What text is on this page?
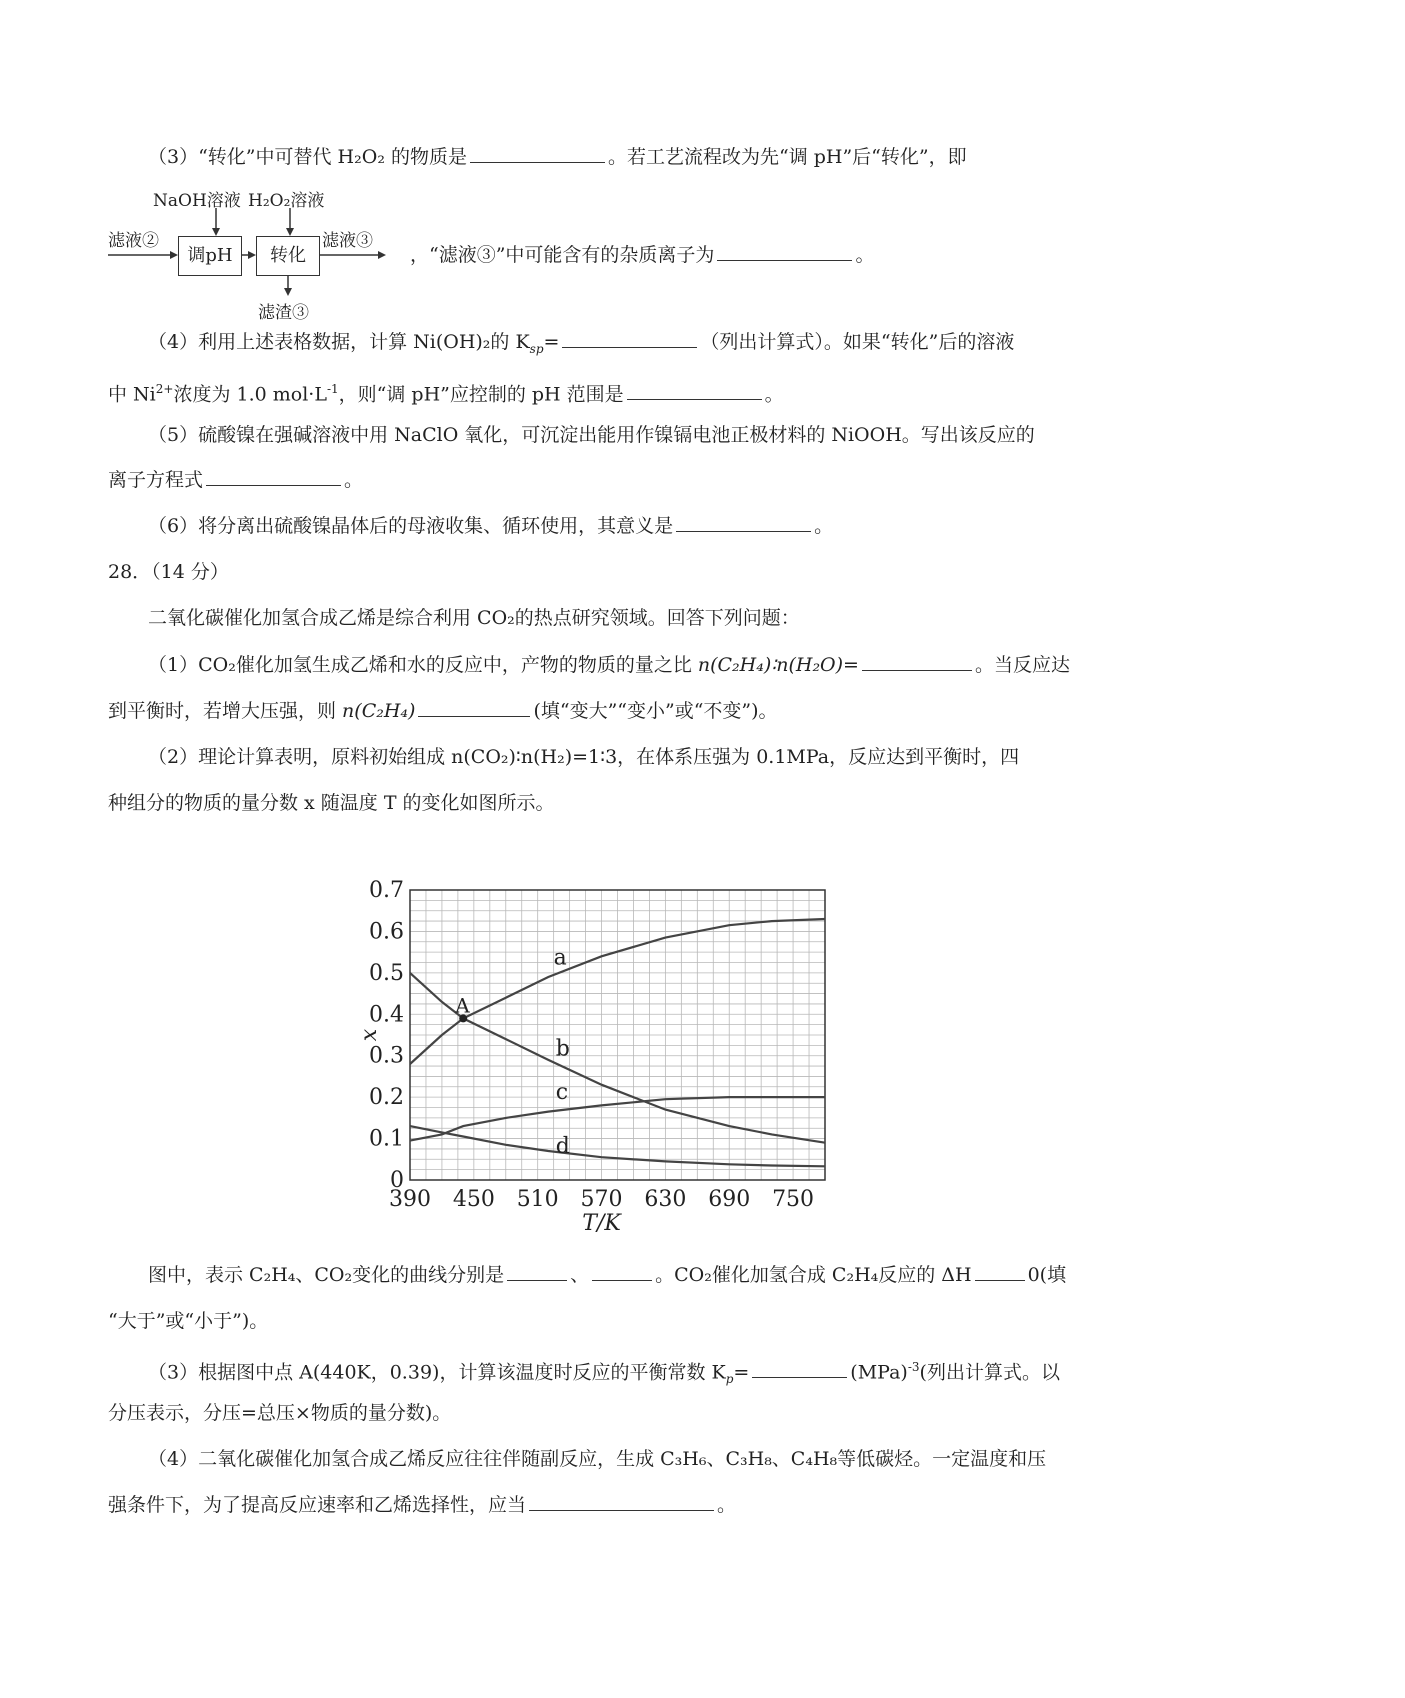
（3）“转化”中可替代 H₂O₂ 的物质是	。若工艺流程改为先“调 pH”后“转化”，即
NaOH溶液 H₂O₂溶液
滤液②
调pH	转化
滤液③
滤渣③
，“滤液③”中可能含有的杂质离子为	。
（4）利用上述表格数据，计算 Ni(OH)₂的 $K_{sp}=$	（列出计算式）。如果“转化”后的溶液
中 $Ni^{2+}$浓度为 1.0 $mol\cdot L^{-1}$，则“调 pH”应控制的 pH 范围是	。
（5）硫酸镍在强碱溶液中用 NaClO 氧化，可沉淀出能用作镍镉电池正极材料的 NiOOH。写出该反应的
离子方程式	。
（6）将分离出硫酸镍晶体后的母液收集、循环使用，其意义是	。
28．（14 分）
二氧化碳催化加氢合成乙烯是综合利用 CO₂的热点研究领域。回答下列问题：
（1）CO₂催化加氢生成乙烯和水的反应中，产物的物质的量之比 n(C₂H₄)∶n(H₂O)=	。当反应达
到平衡时，若增大压强，则 n(C₂H₄)	(填“变大”“变小”或“不变”)。
（2）理论计算表明，原料初始组成 n(CO₂)∶n(H₂)=1∶3，在体系压强为 0.1MPa，反应达到平衡时，四
种组分的物质的量分数 x 随温度 T 的变化如图所示。
0
0.1
0.2
0.3
0.4
0.5
0.6
0.7
390 450 510 570 630 690 750
T/K
x
a
b
c
d
A
图中，表示 C₂H₄、CO₂变化的曲线分别是	、	。CO₂催化加氢合成 C₂H₄反应的 ΔH	0(填
“大于”或“小于”)。
（3）根据图中点 A(440K，0.39)，计算该温度时反应的平衡常数 $K_p=$	(MPa)$^{-3}$(列出计算式。以
分压表示，分压=总压×物质的量分数)。
（4）二氧化碳催化加氢合成乙烯反应往往伴随副反应，生成 C₃H₆、C₃H₈、C₄H₈等低碳烃。一定温度和压
强条件下，为了提高反应速率和乙烯选择性，应当	。
